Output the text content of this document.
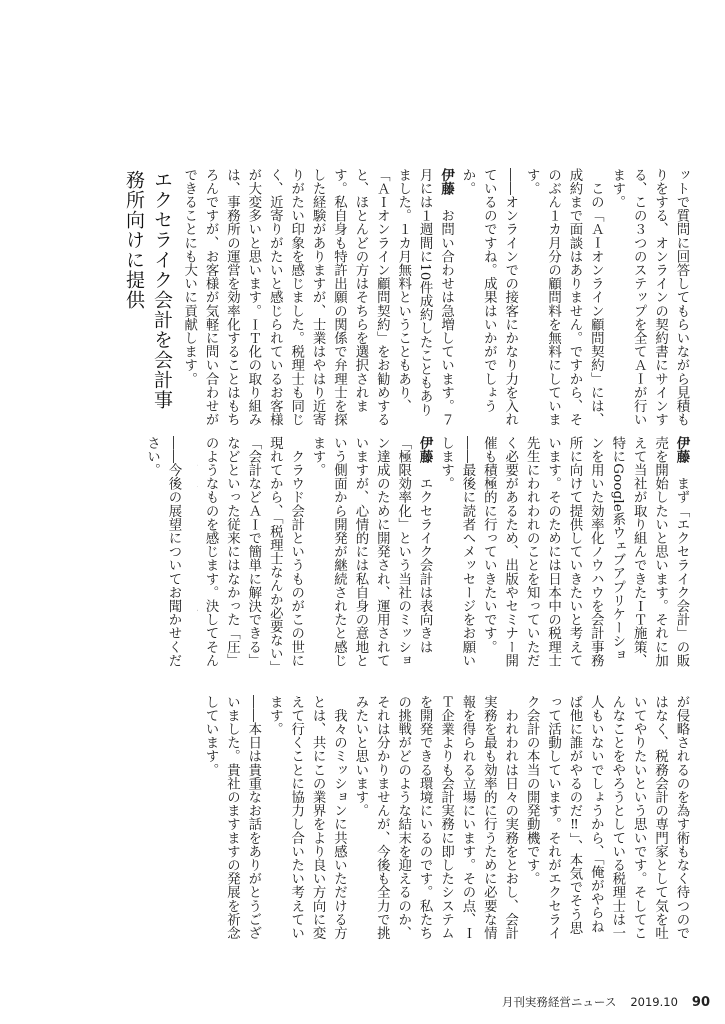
ットで質問に回答してもらいながら見積もりをする、オンラインの契約書にサインする、この３つのステップを全てＡＩが行います。

　この「ＡＩオンライン顧問契約」には、成約まで面談はありません。ですから、そのぶん１カ月分の顧問料を無料にしています。

――オンラインでの接客にかなり力を入れているのですね。成果はいかがでしょうか。

伊藤　お問い合わせは急増しています。７月には１週間に10件成約したこともありました。１カ月無料ということもあり、「ＡＩオンライン顧問契約」をお勧めすると、ほとんどの方はそちらを選択されます。私自身も特許出願の関係で弁理士を探した経験がありますが、士業はやはり近寄りがたい印象を感じました。税理士も同じく、近寄りがたいと感じられているお客様が大変多いと思います。ＩＴ化の取り組みは、事務所の運営を効率化することはもちろんですが、お客様が気軽に問い合わせができることにも大いに貢献します。

エクセライク会計を会計事務所向けに提供

――今後の展望についてお聞かせください。	伊藤　まず「エクセライク会計」の販売を開始したいと思います。それに加えて当社が取り組んできたＩＴ施策、特にGoogle系ウェブアプリケーションを用いた効率化ノウハウを会計事務所に向けて提供していきたいと考えています。そのためには日本中の税理士先生にわれわれのことを知っていただく必要があるため、出版やセミナー開催も積極的に行っていきたいです。

――最後に読者へメッセージをお願いします。

伊藤　エクセライク会計は表向きは「極限効率化」という当社のミッション達成のために開発され、運用されていますが、心情的には私自身の意地という側面から開発が継続されたと感じます。

　クラウド会計というものがこの世に現れてから、「税理士なんか必要ない」「会計などＡＩで簡単に解決できる」などといった従来にはなかった「圧」のようなものを感じます。決してそん

が侵略されるのを為す術もなく待つのではなく、税務会計の専門家として気を吐いてやりたいという思いです。そしてこんなことをやろうとしている税理士は一人もいないでしょうから、「俺がやらねば他に誰がやるのだ‼」、本気でそう思って活動しています。それがエクセライク会計の本当の開発動機です。

　われわれは日々の実務をとおし、会計実務を最も効率的に行うために必要な情報を得られる立場にいます。その点、ＩＴ企業よりも会計実務に即したシステムを開発できる環境にいるのです。私たちの挑戦がどのような結末を迎えるのか、それは分かりませんが、今後も全力で挑みたいと思います。

　我々のミッションに共感いただける方とは、共にこの業界をより良い方向に変えて行くことに協力し合いたい考えています。

――本日は貴重なお話をありがとうございました。貴社のますますの発展を祈念しています。

月刊実務経営ニュース 2019.10 90
